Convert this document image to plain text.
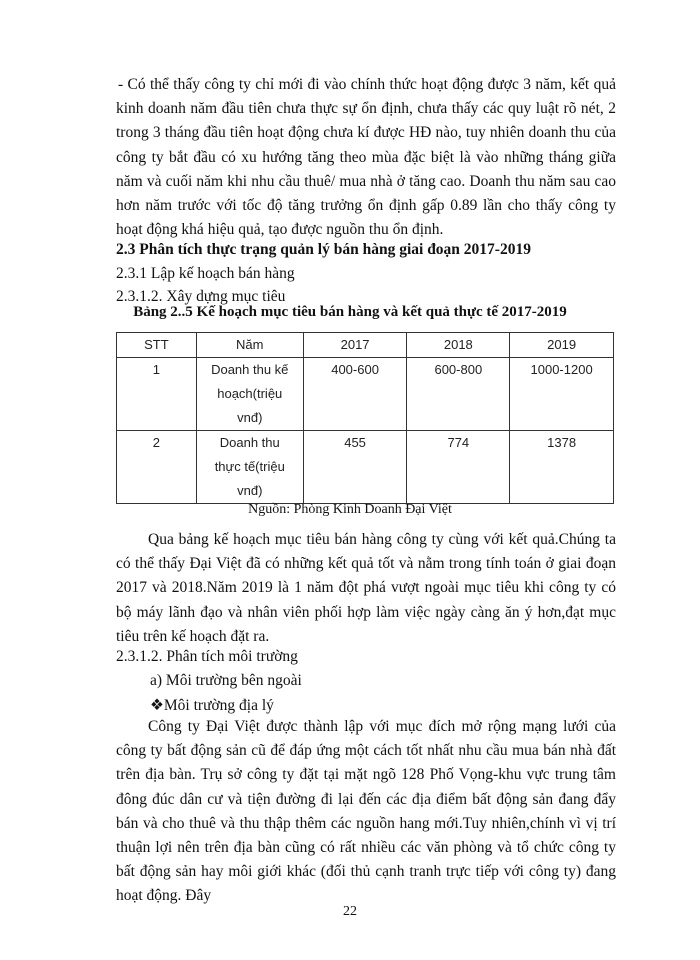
- Có thể thấy công ty chỉ mới đi vào chính thức hoạt động được 3 năm, kết quả kinh doanh năm đầu tiên chưa thực sự ổn định, chưa thấy các quy luật rõ nét, 2 trong 3 tháng đầu tiên hoạt động chưa kí được HĐ nào, tuy nhiên doanh thu của công ty bắt đầu có xu hướng tăng theo mùa đặc biệt là vào những tháng giữa năm và cuối năm khi nhu cầu thuê/ mua nhà ở tăng cao. Doanh thu năm sau cao hơn năm trước với tốc độ tăng trưởng ổn định gấp 0.89 lần cho thấy công ty hoạt động khá hiệu quả, tạo được nguồn thu ổn định.

2.3 Phân tích thực trạng quản lý bán hàng giai đoạn 2017-2019

2.3.1 Lập kế hoạch bán hàng

2.3.1.2. Xây dựng mục tiêu

Bảng 2..5 Kế hoạch mục tiêu bán hàng và kết quả thực tế 2017-2019
STT	Năm	2017	2018	2019
1	Doanh thu kế hoạch(triệu vnđ)	400-600	600-800	1000-1200
2	Doanh thu thực tế(triệu vnđ)	455	774	1378
Nguồn: Phòng Kinh Doanh Đại Việt

Qua bảng kế hoạch mục tiêu bán hàng công ty cùng với kết quả.Chúng ta có thể thấy Đại Việt đã có những kết quả tốt và nằm trong tính toán ở giai đoạn 2017 và 2018.Năm 2019 là 1 năm đột phá vượt ngoài mục tiêu khi công ty có bộ máy lãnh đạo và nhân viên phối hợp làm việc ngày càng ăn ý hơn,đạt mục tiêu trên kế hoạch đặt ra.

2.3.1.2. Phân tích môi trường

a) Môi trường bên ngoài

❖Môi trường địa lý

Công ty Đại Việt được thành lập với mục đích mở rộng mạng lưới của công ty bất động sản cũ để đáp ứng một cách tốt nhất nhu cầu mua bán nhà đất trên địa bàn. Trụ sở công ty đặt tại mặt ngõ 128 Phố Vọng-khu vực trung tâm đông đúc dân cư và tiện đường đi lại đến các địa điểm bất động sản đang đẩy bán và cho thuê và thu thập thêm các nguồn hang mới.Tuy nhiên,chính vì vị trí thuận lợi nên trên địa bàn cũng có rất nhiều các văn phòng và tổ chức công ty bất động sản hay môi giới khác (đối thủ cạnh tranh trực tiếp với công ty) đang hoạt động. Đây

22
